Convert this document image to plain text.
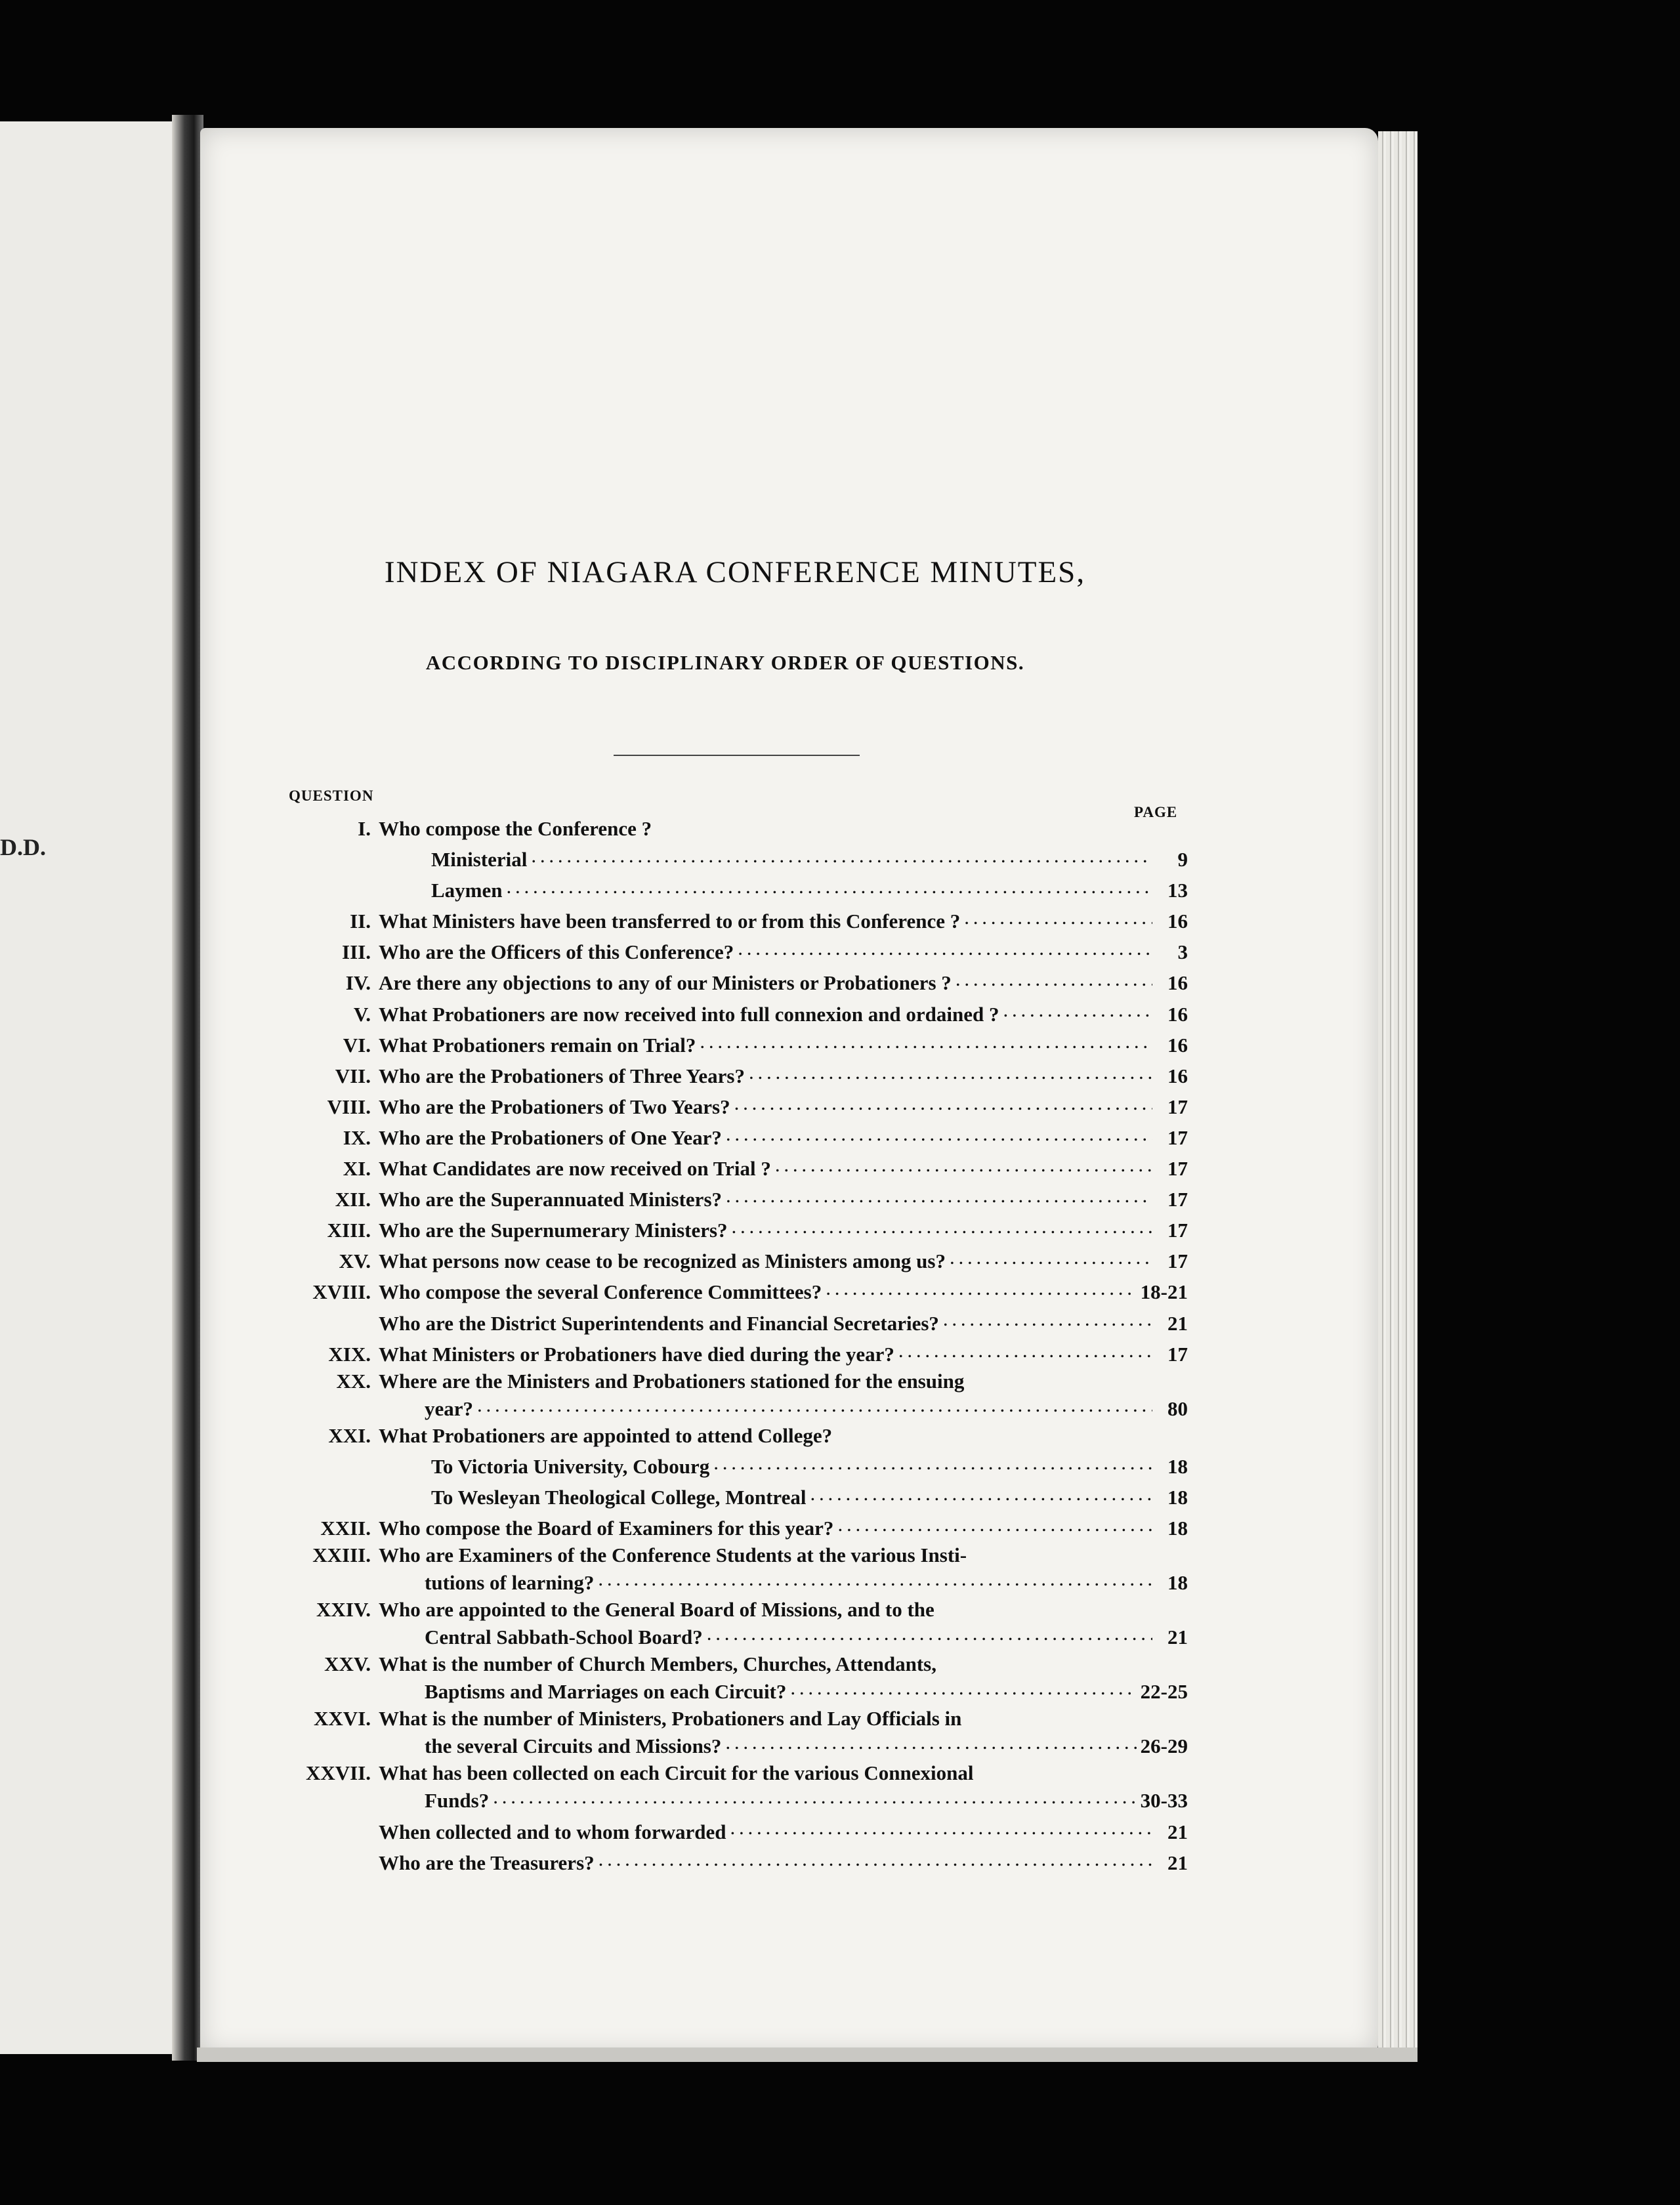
D.D.
INDEX OF NIAGARA CONFERENCE MINUTES,
ACCORDING TO DISCIPLINARY ORDER OF QUESTIONS.
QUESTION
PAGE
I. Who compose the Conference ?
Ministerial . . .	9
Laymen . . .	13
II. What Ministers have been transferred to or from this Conference ? . . .	16
III. Who are the Officers of this Conference? . . .	3
IV. Are there any objections to any of our Ministers or Probationers ? . . .	16
V. What Probationers are now received into full connexion and ordained ? . . .	16
VI. What Probationers remain on Trial? . . .	16
VII. Who are the Probationers of Three Years? . . .	16
VIII. Who are the Probationers of Two Years? . . .	17
IX. Who are the Probationers of One Year? . . .	17
XI. What Candidates are now received on Trial ? . . .	17
XII. Who are the Superannuated Ministers? . . .	17
XIII. Who are the Supernumerary Ministers? . . .	17
XV. What persons now cease to be recognized as Ministers among us? . . .	17
XVIII. Who compose the several Conference Committees? . . .	18-21
Who are the District Superintendents and Financial Secretaries? . . .	21
XIX. What Ministers or Probationers have died during the year? . . .	17
XX. Where are the Ministers and Probationers stationed for the ensuing
year? . . .	80
XXI. What Probationers are appointed to attend College?
To Victoria University, Cobourg . . .	18
To Wesleyan Theological College, Montreal . . .	18
XXII. Who compose the Board of Examiners for this year? . . .	18
XXIII. Who are Examiners of the Conference Students at the various Insti-
tutions of learning? . . .	18
XXIV. Who are appointed to the General Board of Missions, and to the
Central Sabbath-School Board? . . .	21
XXV. What is the number of Church Members, Churches, Attendants,
Baptisms and Marriages on each Circuit? . . .	22-25
XXVI. What is the number of Ministers, Probationers and Lay Officials in
the several Circuits and Missions? . . .	26-29
XXVII. What has been collected on each Circuit for the various Connexional
Funds? . . .	30-33
When collected and to whom forwarded . . .	21
Who are the Treasurers? . . .	21
